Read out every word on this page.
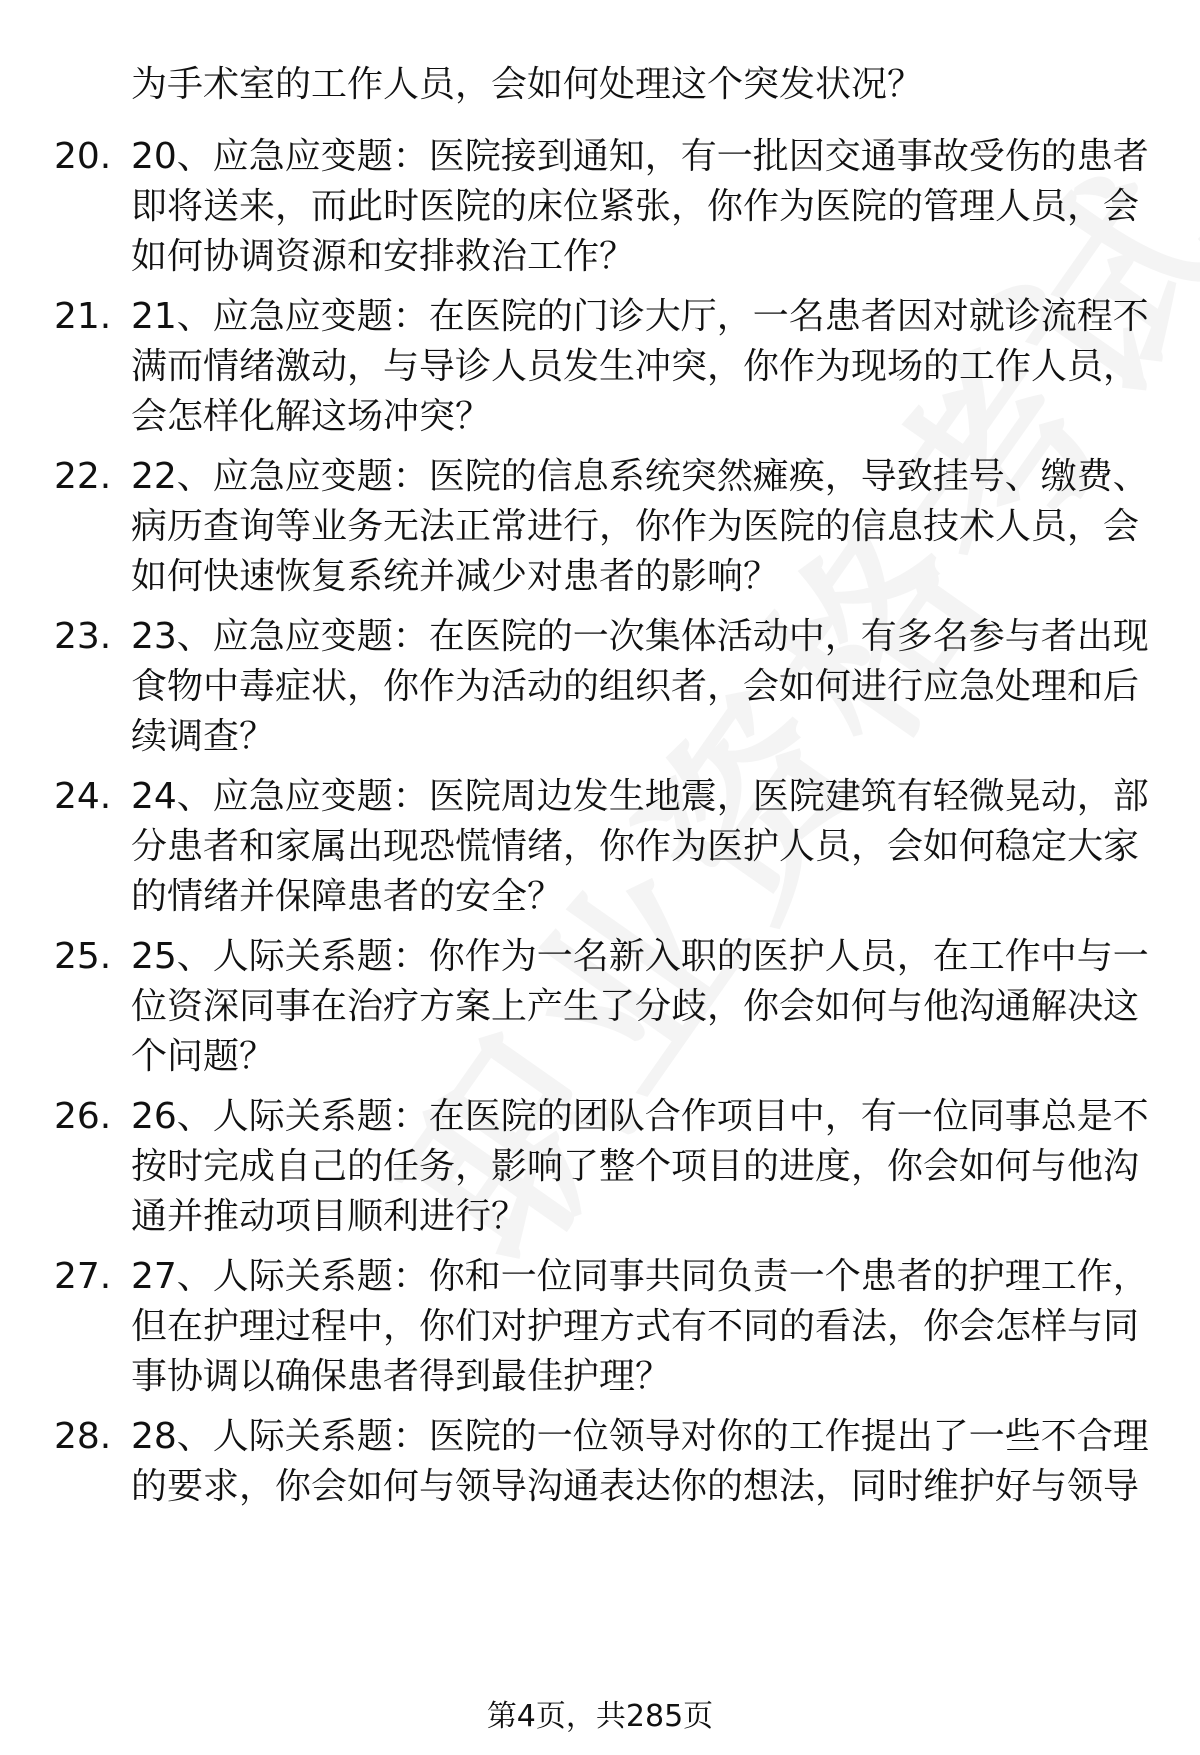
为手术室的工作人员，会如何处理这个突发状况？
20. 20、应急应变题：医院接到通知，有一批因交通事故受伤的患者即将送来，而此时医院的床位紧张，你作为医院的管理人员，会如何协调资源和安排救治工作？
21. 21、应急应变题：在医院的门诊大厅，一名患者因对就诊流程不满而情绪激动，与导诊人员发生冲突，你作为现场的工作人员，会怎样化解这场冲突？
22. 22、应急应变题：医院的信息系统突然瘫痪，导致挂号、缴费、病历查询等业务无法正常进行，你作为医院的信息技术人员，会如何快速恢复系统并减少对患者的影响？
23. 23、应急应变题：在医院的一次集体活动中，有多名参与者出现食物中毒症状，你作为活动的组织者，会如何进行应急处理和后续调查？
24. 24、应急应变题：医院周边发生地震，医院建筑有轻微晃动，部分患者和家属出现恐慌情绪，你作为医护人员，会如何稳定大家的情绪并保障患者的安全？
25. 25、人际关系题：你作为一名新入职的医护人员，在工作中与一位资深同事在治疗方案上产生了分歧，你会如何与他沟通解决这个问题？
26. 26、人际关系题：在医院的团队合作项目中，有一位同事总是不按时完成自己的任务，影响了整个项目的进度，你会如何与他沟通并推动项目顺利进行？
27. 27、人际关系题：你和一位同事共同负责一个患者的护理工作，但在护理过程中，你们对护理方式有不同的看法，你会怎样与同事协调以确保患者得到最佳护理？
28. 28、人际关系题：医院的一位领导对你的工作提出了一些不合理的要求，你会如何与领导沟通表达你的想法，同时维护好与领导
第4页，共285页
